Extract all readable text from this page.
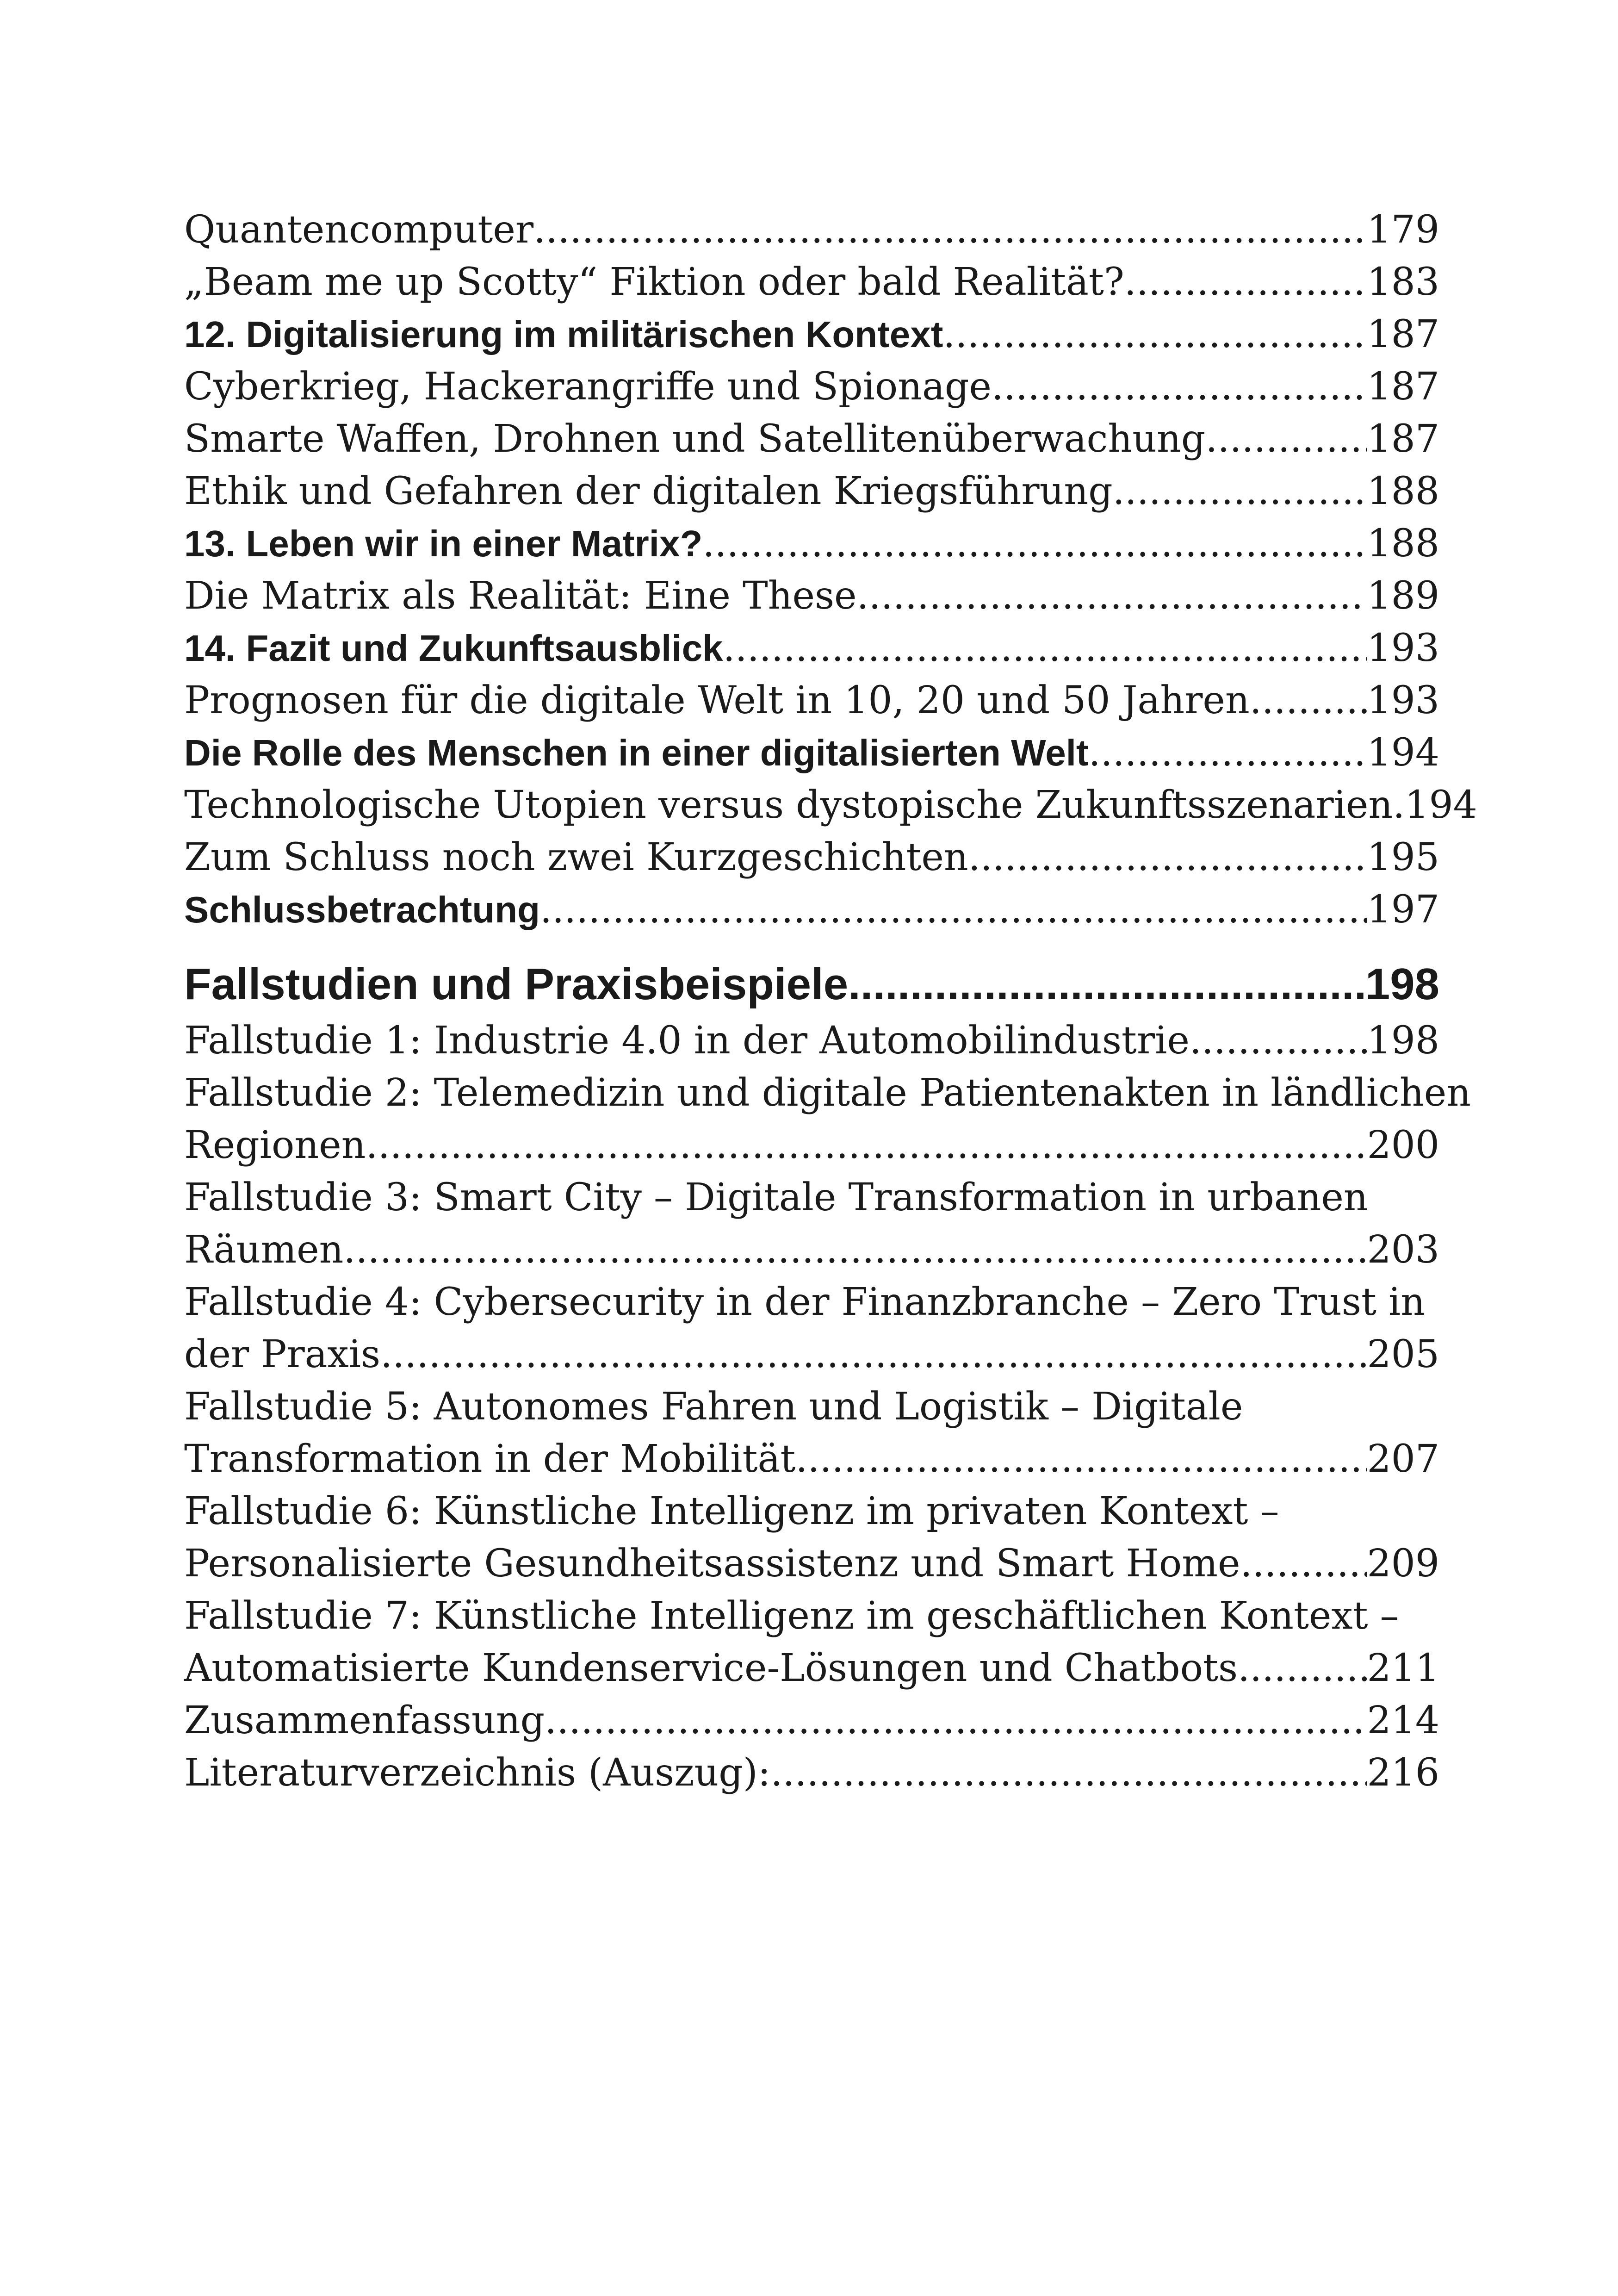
Quantencomputer .....	179
„Beam me up Scotty“ Fiktion oder bald Realität? .....	183
12. Digitalisierung im militärischen Kontext .....	187
Cyberkrieg, Hackerangriffe und Spionage .....	187
Smarte Waffen, Drohnen und Satellitenüberwachung .....	187
Ethik und Gefahren der digitalen Kriegsführung .....	188
13. Leben wir in einer Matrix? .....	188
Die Matrix als Realität: Eine These .....	189
14. Fazit und Zukunftsausblick .....	193
Prognosen für die digitale Welt in 10, 20 und 50 Jahren .....	193
Die Rolle des Menschen in einer digitalisierten Welt .....	194
Technologische Utopien versus dystopische Zukunftsszenarien. 194
Zum Schluss noch zwei Kurzgeschichten .....	195
Schlussbetrachtung .....	197
Fallstudien und Praxisbeispiele .....	198
Fallstudie 1: Industrie 4.0 in der Automobilindustrie .....	198
Fallstudie 2: Telemedizin und digitale Patientenakten in ländlichen
Regionen .....	200
Fallstudie 3: Smart City – Digitale Transformation in urbanen
Räumen .....	203
Fallstudie 4: Cybersecurity in der Finanzbranche – Zero Trust in
der Praxis .....	205
Fallstudie 5: Autonomes Fahren und Logistik – Digitale
Transformation in der Mobilität .....	207
Fallstudie 6: Künstliche Intelligenz im privaten Kontext –
Personalisierte Gesundheitsassistenz und Smart Home .....	209
Fallstudie 7: Künstliche Intelligenz im geschäftlichen Kontext –
Automatisierte Kundenservice-Lösungen und Chatbots .....	211
Zusammenfassung .....	214
Literaturverzeichnis (Auszug): .....	216
